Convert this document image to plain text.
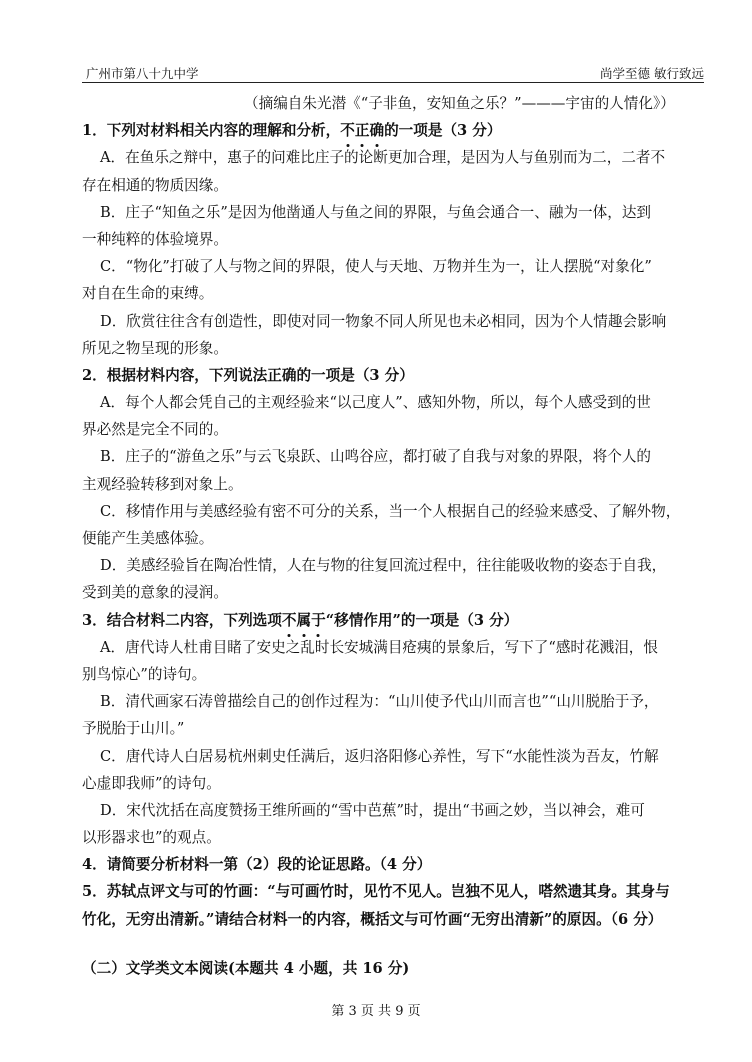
广州市第八十九中学	尚学至德 敏行致远
（摘编自朱光潜《“子非鱼，安知鱼之乐？”———宇宙的人情化》）
1．下列对材料相关内容的理解和分析，不正确的一项是（3 分）
A．在鱼乐之辩中，惠子的问难比庄子的论断更加合理，是因为人与鱼别而为二，二者不
存在相通的物质因缘。
B．庄子“知鱼之乐”是因为他凿通人与鱼之间的界限，与鱼会通合一、融为一体，达到
一种纯粹的体验境界。
C．“物化”打破了人与物之间的界限，使人与天地、万物并生为一，让人摆脱“对象化”
对自在生命的束缚。
D．欣赏往往含有创造性，即使对同一物象不同人所见也未必相同，因为个人情趣会影响
所见之物呈现的形象。
2．根据材料内容，下列说法正确的一项是（3 分）
A．每个人都会凭自己的主观经验来“以己度人”、感知外物，所以，每个人感受到的世
界必然是完全不同的。
B．庄子的“游鱼之乐”与云飞泉跃、山鸣谷应，都打破了自我与对象的界限，将个人的
主观经验转移到对象上。
C．移情作用与美感经验有密不可分的关系，当一个人根据自己的经验来感受、了解外物，
便能产生美感体验。
D．美感经验旨在陶冶性情，人在与物的往复回流过程中，往往能吸收物的姿态于自我，
受到美的意象的浸润。
3．结合材料二内容，下列选项不属于“移情作用”的一项是（3 分）
A．唐代诗人杜甫目睹了安史之乱时长安城满目疮痍的景象后，写下了“感时花溅泪，恨
别鸟惊心”的诗句。
B．清代画家石涛曾描绘自己的创作过程为：“山川使予代山川而言也”“山川脱胎于予，
予脱胎于山川。”
C．唐代诗人白居易杭州刺史任满后，返归洛阳修心养性，写下“水能性淡为吾友，竹解
心虚即我师”的诗句。
D．宋代沈括在高度赞扬王维所画的“雪中芭蕉”时，提出“书画之妙，当以神会，难可
以形器求也”的观点。
4．请简要分析材料一第（2）段的论证思路。（4 分）
5．苏轼点评文与可的竹画：“与可画竹时，见竹不见人。岂独不见人，嗒然遗其身。其身与
竹化，无穷出清新。”请结合材料一的内容，概括文与可竹画“无穷出清新”的原因。（6 分）
（二）文学类文本阅读(本题共 4 小题，共 16 分)
第 3 页 共 9 页
